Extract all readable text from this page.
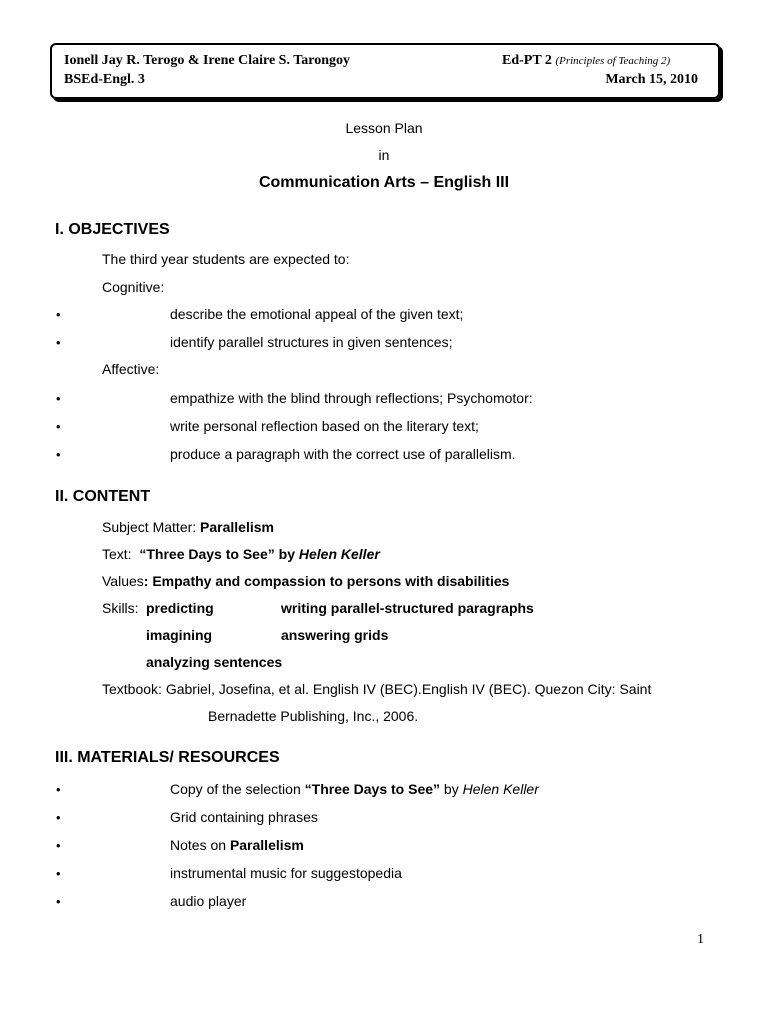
Ionell Jay R. Terogo & Irene Claire S. Tarongoy
BSEd-Engl. 3
Ed-PT 2 (Principles of Teaching 2)
March 15, 2010
Lesson Plan
in
Communication Arts – English III
I. OBJECTIVES
The third year students are expected to:
Cognitive:
•	describe the emotional appeal of the given text;
•	identify parallel structures in given sentences;
Affective:
•	empathize with the blind through reflections; Psychomotor:
•	write personal reflection based on the literary text;
•	produce a paragraph with the correct use of parallelism.
II. CONTENT
Subject Matter: Parallelism
Text: “Three Days to See” by Helen Keller
Values: Empathy and compassion to persons with disabilities
Skills: predicting	writing parallel-structured paragraphs
imagining	answering grids
analyzing sentences
Textbook: Gabriel, Josefina, et al. English IV (BEC).English IV (BEC). Quezon City: Saint
Bernadette Publishing, Inc., 2006.
III. MATERIALS/ RESOURCES
•	Copy of the selection “Three Days to See” by Helen Keller
•	Grid containing phrases
•	Notes on Parallelism
•	instrumental music for suggestopedia
•	audio player
1
